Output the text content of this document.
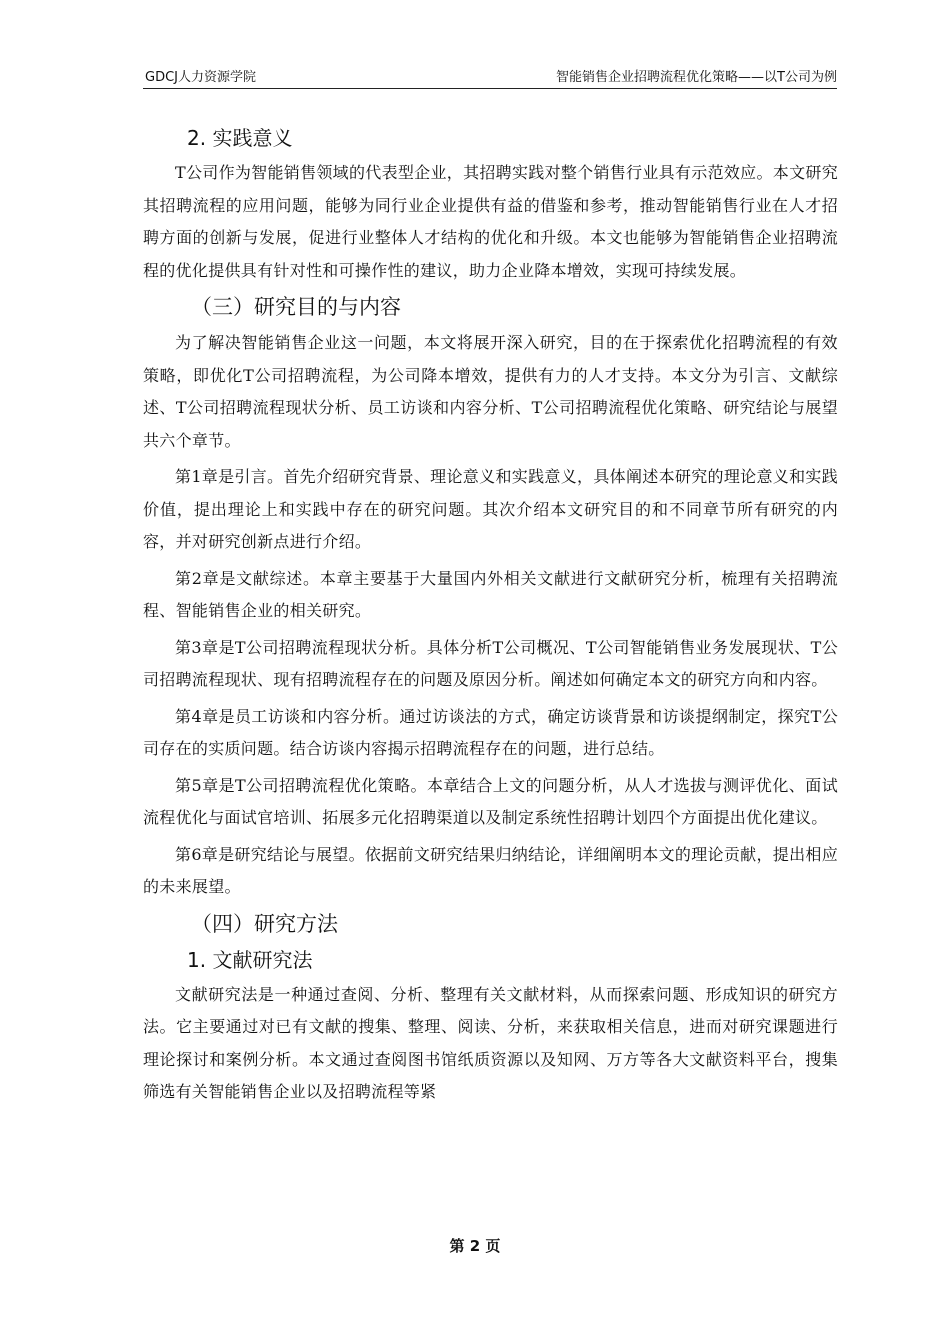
GDCJ人力资源学院	智能销售企业招聘流程优化策略——以T公司为例
2. 实践意义

T公司作为智能销售领域的代表型企业，其招聘实践对整个销售行业具有示范效应。本文研究其招聘流程的应用问题，能够为同行业企业提供有益的借鉴和参考，推动智能销售行业在人才招聘方面的创新与发展，促进行业整体人才结构的优化和升级。本文也能够为智能销售企业招聘流程的优化提供具有针对性和可操作性的建议，助力企业降本增效，实现可持续发展。

（三）研究目的与内容

为了解决智能销售企业这一问题，本文将展开深入研究，目的在于探索优化招聘流程的有效策略，即优化T公司招聘流程，为公司降本增效，提供有力的人才支持。本文分为引言、文献综述、T公司招聘流程现状分析、员工访谈和内容分析、T公司招聘流程优化策略、研究结论与展望共六个章节。

第1章是引言。首先介绍研究背景、理论意义和实践意义，具体阐述本研究的理论意义和实践价值，提出理论上和实践中存在的研究问题。其次介绍本文研究目的和不同章节所有研究的内容，并对研究创新点进行介绍。

第2章是文献综述。本章主要基于大量国内外相关文献进行文献研究分析，梳理有关招聘流程、智能销售企业的相关研究。

第3章是T公司招聘流程现状分析。具体分析T公司概况、T公司智能销售业务发展现状、T公司招聘流程现状、现有招聘流程存在的问题及原因分析。阐述如何确定本文的研究方向和内容。

第4章是员工访谈和内容分析。通过访谈法的方式，确定访谈背景和访谈提纲制定，探究T公司存在的实质问题。结合访谈内容揭示招聘流程存在的问题，进行总结。

第5章是T公司招聘流程优化策略。本章结合上文的问题分析，从人才选拔与测评优化、面试流程优化与面试官培训、拓展多元化招聘渠道以及制定系统性招聘计划四个方面提出优化建议。

第6章是研究结论与展望。依据前文研究结果归纳结论，详细阐明本文的理论贡献，提出相应的未来展望。

（四）研究方法
1. 文献研究法

文献研究法是一种通过查阅、分析、整理有关文献材料，从而探索问题、形成知识的研究方法。它主要通过对已有文献的搜集、整理、阅读、分析，来获取相关信息，进而对研究课题进行理论探讨和案例分析。本文通过查阅图书馆纸质资源以及知网、万方等各大文献资料平台，搜集筛选有关智能销售企业以及招聘流程等紧

第 2 页
